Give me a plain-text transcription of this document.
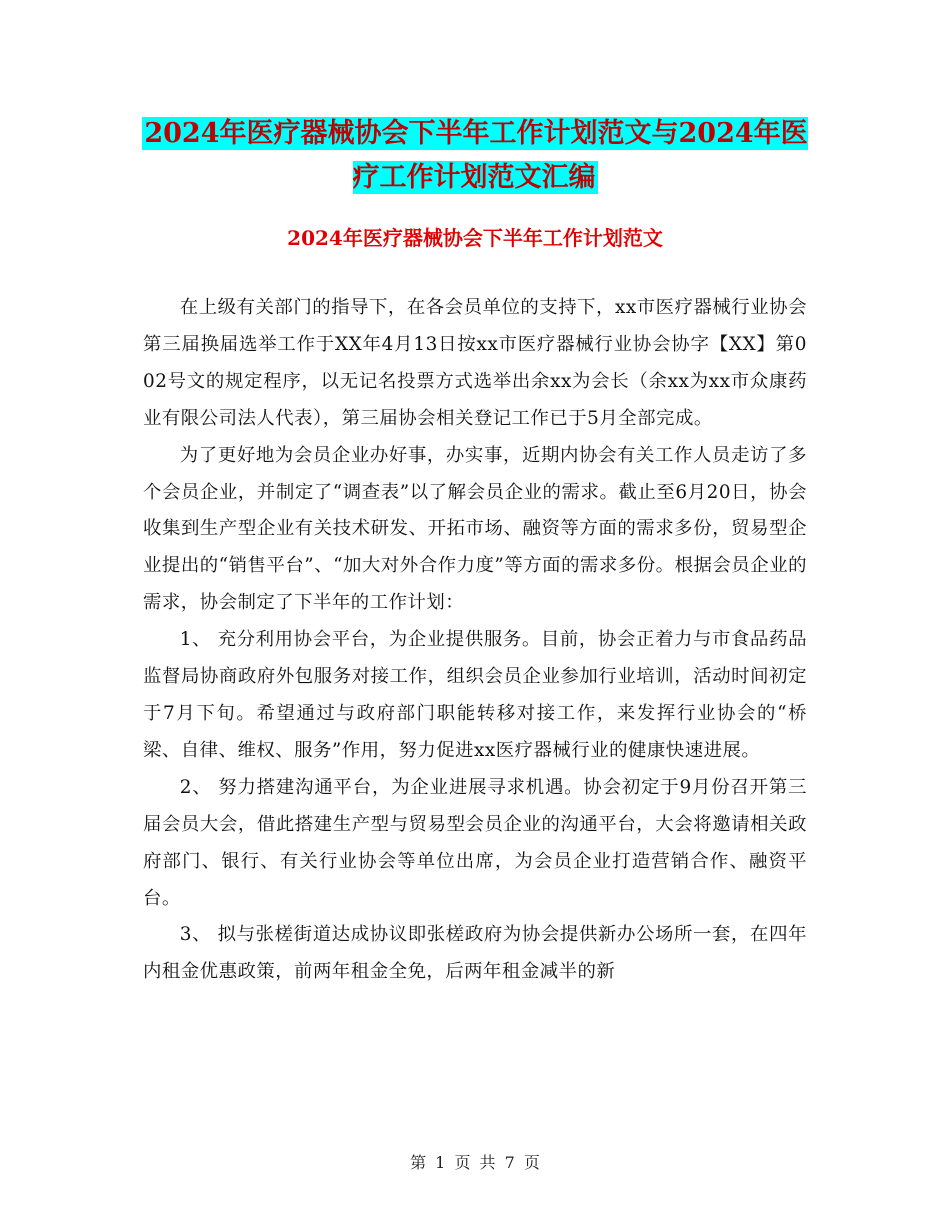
2024年医疗器械协会下半年工作计划范文与2024年医疗工作计划范文汇编
2024年医疗器械协会下半年工作计划范文

在上级有关部门的指导下，在各会员单位的支持下，xx市医疗器械行业协会第三届换届选举工作于XX年4月13日按xx市医疗器械行业协会协字【XX】第002号文的规定程序，以无记名投票方式选举出余xx为会长（余xx为xx市众康药业有限公司法人代表），第三届协会相关登记工作已于5月全部完成。

为了更好地为会员企业办好事，办实事，近期内协会有关工作人员走访了多个会员企业，并制定了“调查表”以了解会员企业的需求。截止至6月20日，协会收集到生产型企业有关技术研发、开拓市场、融资等方面的需求多份，贸易型企业提出的“销售平台”、“加大对外合作力度”等方面的需求多份。根据会员企业的需求，协会制定了下半年的工作计划：

1、 充分利用协会平台，为企业提供服务。目前，协会正着力与市食品药品监督局协商政府外包服务对接工作，组织会员企业参加行业培训，活动时间初定于7月下旬。希望通过与政府部门职能转移对接工作，来发挥行业协会的“桥梁、自律、维权、服务”作用，努力促进xx医疗器械行业的健康快速进展。

2、 努力搭建沟通平台，为企业进展寻求机遇。协会初定于9月份召开第三届会员大会，借此搭建生产型与贸易型会员企业的沟通平台，大会将邀请相关政府部门、银行、有关行业协会等单位出席，为会员企业打造营销合作、融资平台。

3、 拟与张槎街道达成协议即张槎政府为协会提供新办公场所一套，在四年内租金优惠政策，前两年租金全免，后两年租金减半的新

第 1 页 共 7 页
